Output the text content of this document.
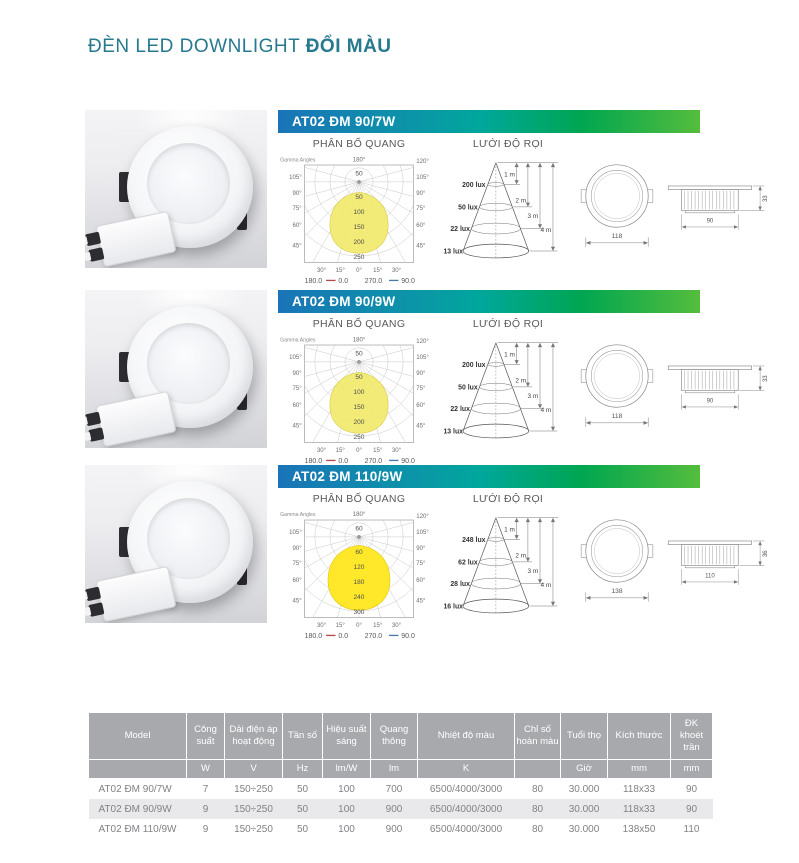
ĐÈN LED DOWNLIGHT ĐỔI MÀU
AT02 ĐM 90/7W
PHÂN BỐ QUANG
Gamma Angles	180°
50
50
100
150
200
250
105°
90°
75°
60°
45°
120°
105°
90°
75°
60°
45°
30° 15° 0° 15° 30°
180.0 0.0 270.0	90.0
LƯỚI ĐỘ RỌI
200 lux
50 lux
22 lux
13 lux
1 m
2 m
3 m
4 m
118
90
33
AT02 ĐM 90/9W
PHÂN BỐ QUANG
Gamma Angles	180°
50
50
100
150
200
250
105°
90°
75°
60°
45°
120°
105°
90°
75°
60°
45°
30° 15° 0° 15° 30°
180.0 0.0 270.0	90.0
LƯỚI ĐỘ RỌI
200 lux
50 lux
22 lux
13 lux
1 m
2 m
3 m
4 m
118
90
33
AT02 ĐM 110/9W
PHÂN BỐ QUANG
Gamma Angles	180°
60
60
120
180
240
300
105°
90°
75°
60°
45°
120°
105°
90°
75°
60°
45°
30° 15° 0° 15° 30°
180.0 0.0 270.0	90.0
LƯỚI ĐỘ RỌI
248 lux
62 lux
28 lux
16 lux
1 m
2 m
3 m
4 m
138
110
36
Model	Công suất	Dải điện áp hoạt động	Tần số	Hiệu suất sáng	Quang thông	Nhiệt độ màu	Chỉ số hoàn màu	Tuổi thọ	Kích thước	ĐK khoét trần
	W	V	Hz	lm/W	lm	K		Giờ	mm	mm
AT02 ĐM 90/7W	7	150÷250	50	100	700	6500/4000/3000	80	30.000	118x33	90
AT02 ĐM 90/9W	9	150÷250	50	100	900	6500/4000/3000	80	30.000	118x33	90
AT02 ĐM 110/9W	9	150÷250	50	100	900	6500/4000/3000	80	30.000	138x50	110
